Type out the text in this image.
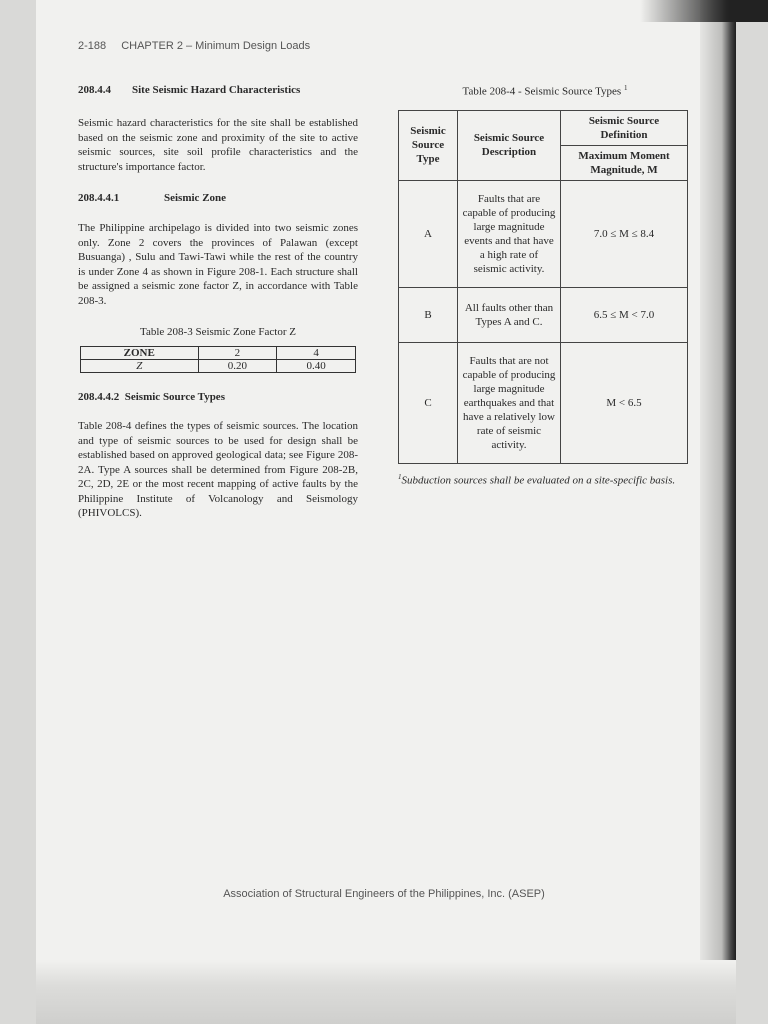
2-188 CHAPTER 2 – Minimum Design Loads

208.4.4 Site Seismic Hazard Characteristics

Seismic hazard characteristics for the site shall be established based on the seismic zone and proximity of the site to active seismic sources, site soil profile characteristics and the structure's importance factor.

208.4.4.1	Seismic Zone

The Philippine archipelago is divided into two seismic zones only. Zone 2 covers the provinces of Palawan (except Busuanga) , Sulu and Tawi-Tawi while the rest of the country is under Zone 4 as shown in Figure 208-1. Each structure shall be assigned a seismic zone factor Z, in accordance with Table 208-3.

Table 208-3 Seismic Zone Factor Z

ZONE	2	4
Z	0.20	0.40

208.4.4.2 Seismic Source Types

Table 208-4 defines the types of seismic sources. The location and type of seismic sources to be used for design shall be established based on approved geological data; see Figure 208-2A. Type A sources shall be determined from Figure 208-2B, 2C, 2D, 2E or the most recent mapping of active faults by the Philippine Institute of Volcanology and Seismology (PHIVOLCS).

Table 208-4 - Seismic Source Types $^1$

Seismic Source Type	Seismic Source Description	Seismic Source Definition
		Maximum Moment Magnitude, M
A	Faults that are capable of producing large magnitude events and that have a high rate of seismic activity.	7.0 ≤ M ≤ 8.4
B	All faults other than Types A and C.	6.5 ≤ M < 7.0
C	Faults that are not capable of producing large magnitude earthquakes and that have a relatively low rate of seismic activity.	M < 6.5

$^1$Subduction sources shall be evaluated on a site-specific basis.

Association of Structural Engineers of the Philippines, Inc. (ASEP)
